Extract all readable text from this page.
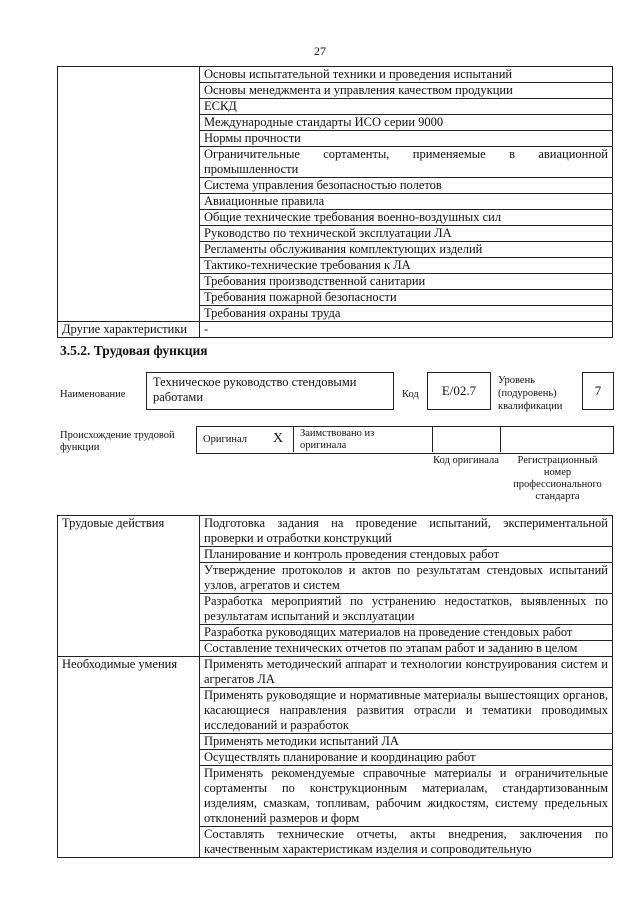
27
	Основы испытательной техники и проведения испытаний
	Основы менеджмента и управления качеством продукции
	ЕСКД
	Международные стандарты ИСО серии 9000
	Нормы прочности
	Ограничительные сортаменты, применяемые в авиационной промышленности
	Система управления безопасностью полетов
	Авиационные правила
	Общие технические требования военно-воздушных сил
	Руководство по технической эксплуатации ЛА
	Регламенты обслуживания комплектующих изделий
	Тактико-технические требования к ЛА
	Требования производственной санитарии
	Требования пожарной безопасности
	Требования охраны труда
Другие характеристики	-
3.5.2. Трудовая функция
Наименование
Техническое руководство стендовыми работами	Код	E/02.7
Уровень (подуровень) квалификации
7
Происхождение трудовой функции
Оригинал X Заимствовано из оригинала
Код оригинала	Регистрационный номер профессионального стандарта
Трудовые действия	Подготовка задания на проведение испытаний, экспериментальной проверки и отработки конструкций
	Планирование и контроль проведения стендовых работ
	Утверждение протоколов и актов по результатам стендовых испытаний узлов, агрегатов и систем
	Разработка мероприятий по устранению недостатков, выявленных по результатам испытаний и эксплуатации
	Разработка руководящих материалов на проведение стендовых работ
	Составление технических отчетов по этапам работ и заданию в целом
Необходимые умения	Применять методический аппарат и технологии конструирования систем и агрегатов ЛА
	Применять руководящие и нормативные материалы вышестоящих органов, касающиеся направления развития отрасли и тематики проводимых исследований и разработок
	Применять методики испытаний ЛА
	Осуществлять планирование и координацию работ
	Применять рекомендуемые справочные материалы и ограничительные сортаменты по конструкционным материалам, стандартизованным изделиям, смазкам, топливам, рабочим жидкостям, систему предельных отклонений размеров и форм
	Составлять технические отчеты, акты внедрения, заключения по качественным характеристикам изделия и сопроводительную
